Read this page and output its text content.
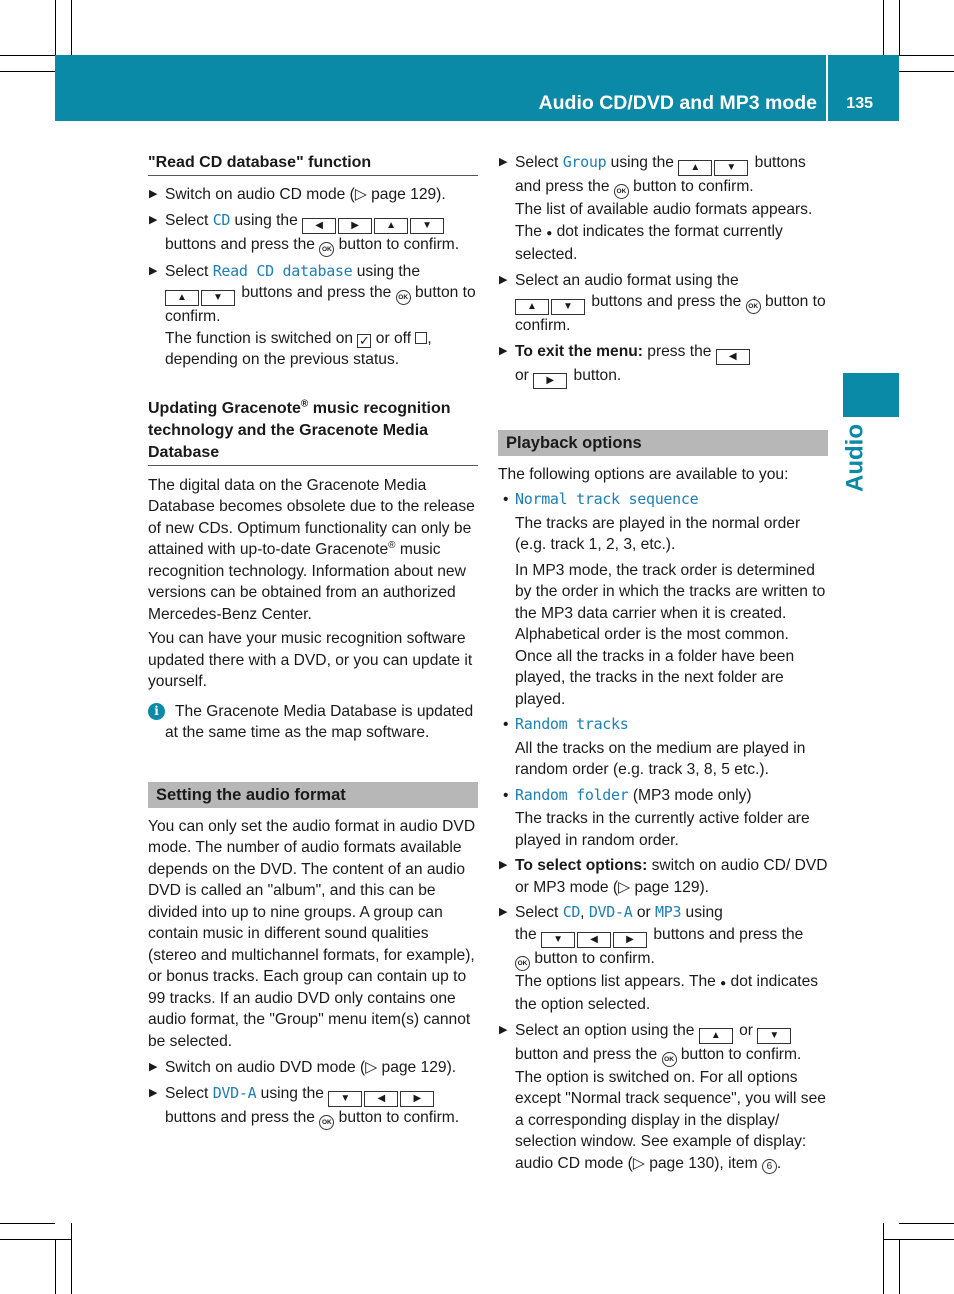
Audio CD/DVD and MP3 mode 135
Audio
"Read CD database" function
▶ Switch on audio CD mode (▷ page 129).
▶ Select CD using the ◀	▶	▲	▼
buttons and press the OK button to confirm.
▶ Select Read CD database using the
▲	▼ buttons and press the OK button to confirm.
The function is switched on ✓ or off ,
depending on the previous status.
Updating Gracenote® music recognition technology and the Gracenote Media Database

The digital data on the Gracenote Media Database becomes obsolete due to the release of new CDs. Optimum functionality can only be attained with up-to-date Gracenote® music recognition technology. Information about new versions can be obtained from an authorized Mercedes-Benz Center.

You can have your music recognition software updated there with a DVD, or you can update it yourself.

i	The Gracenote Media Database is updated at the same time as the map software.
Setting the audio format

You can only set the audio format in audio DVD mode. The number of audio formats available depends on the DVD. The content of an audio DVD is called an "album", and this can be divided into up to nine groups. A group can contain music in different sound qualities (stereo and multichannel formats, for example), or bonus tracks. Each group can contain up to 99 tracks. If an audio DVD only contains one audio format, the "Group" menu item(s) cannot be selected.

▶ Switch on audio DVD mode (▷ page 129).
▶ Select DVD-A using the ▼	◀	▶
buttons and press the OK button to confirm.
▶ Select Group using the ▲	▼ buttons
and press the OK button to confirm.
The list of available audio formats appears. The ● dot indicates the format currently selected.
▶ Select an audio format using the
▲	▼ buttons and press the OK button to confirm.
▶ To exit the menu: press the ◀
or ▶ button.
Playback options

The following options are available to you:

• Normal track sequence
The tracks are played in the normal order (e.g. track 1, 2, 3, etc.).
In MP3 mode, the track order is determined by the order in which the tracks are written to the MP3 data carrier when it is created. Alphabetical order is the most common. Once all the tracks in a folder have been played, the tracks in the next folder are played.
• Random tracks
All the tracks on the medium are played in random order (e.g. track 3, 8, 5 etc.).
• Random folder (MP3 mode only)
The tracks in the currently active folder are played in random order.
▶ To select options: switch on audio CD/ DVD or MP3 mode (▷ page 129).
▶ Select CD, DVD-A or MP3 using
the ▼	◀	▶ buttons and press the
OK button to confirm.
The options list appears. The ● dot indicates the option selected.
▶ Select an option using the ▲ or ▼
button and press the OK button to confirm.
The option is switched on. For all options except "Normal track sequence", you will see a corresponding display in the display/ selection window. See example of display: audio CD mode (▷ page 130), item 6 .
